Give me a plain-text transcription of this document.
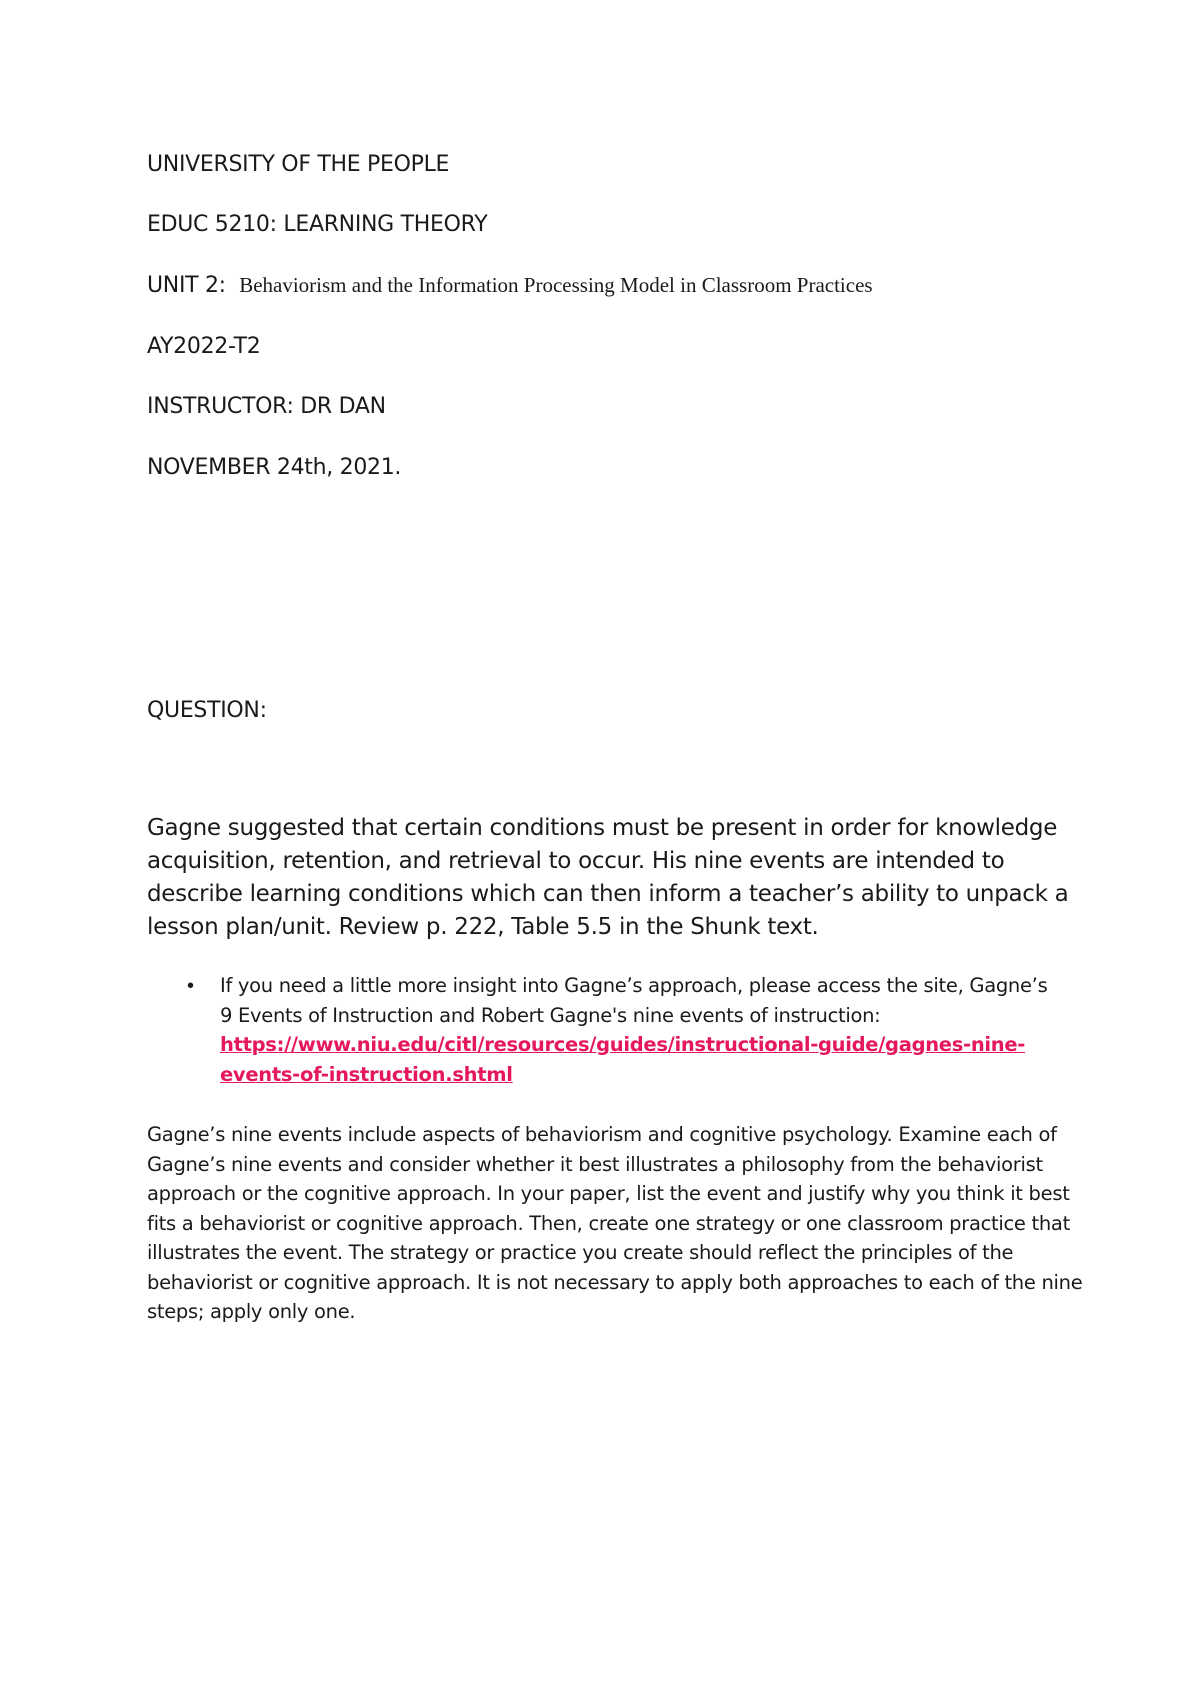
UNIVERSITY OF THE PEOPLE
EDUC 5210: LEARNING THEORY
UNIT 2:  Behaviorism and the Information Processing Model in Classroom Practices
AY2022-T2
INSTRUCTOR: DR DAN
NOVEMBER 24th, 2021.
QUESTION:
Gagne suggested that certain conditions must be present in order for knowledge acquisition, retention, and retrieval to occur. His nine events are intended to describe learning conditions which can then inform a teacher’s ability to unpack a lesson plan/unit. Review p. 222, Table 5.5 in the Shunk text.
• If you need a little more insight into Gagne’s approach, please access the site, Gagne’s 9 Events of Instruction and Robert Gagne's nine events of instruction: https://www.niu.edu/citl/resources/guides/instructional-guide/gagnes-nine-events-of-instruction.shtml
Gagne’s nine events include aspects of behaviorism and cognitive psychology. Examine each of Gagne’s nine events and consider whether it best illustrates a philosophy from the behaviorist approach or the cognitive approach. In your paper, list the event and justify why you think it best fits a behaviorist or cognitive approach. Then, create one strategy or one classroom practice that illustrates the event. The strategy or practice you create should reflect the principles of the behaviorist or cognitive approach. It is not necessary to apply both approaches to each of the nine steps; apply only one.
